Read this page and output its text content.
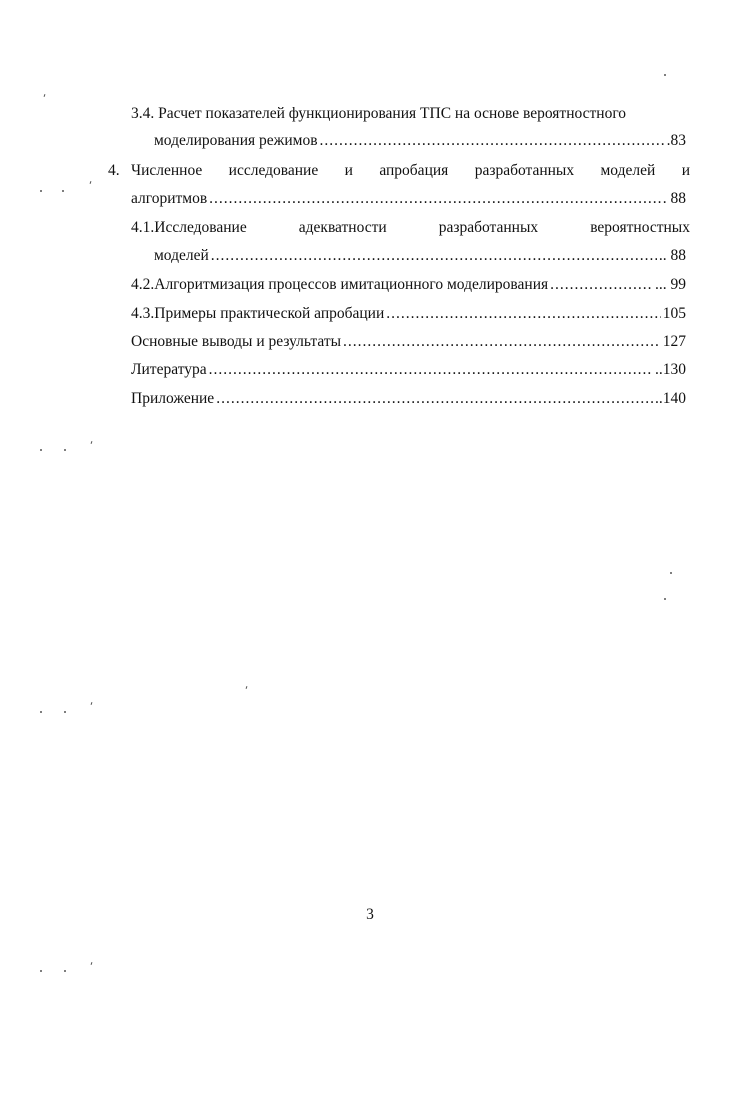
3.4. Расчет показателей функционирования ТПС на основе вероятностного
моделирования режимов .....	.83
4. Численное исследование и апробация разработанных моделей и
алгоритмов .....	. 88
4.1.Исследование	адекватности	разработанных	вероятностных
моделей .....	.. 88
4.2.Алгоритмизация процессов имитационного моделирования .....	... 99
4.3.Примеры практической апробации .....	105
Основные выводы и результаты .....	. 127
Литература .....	..130
Приложение .....	..140
3
